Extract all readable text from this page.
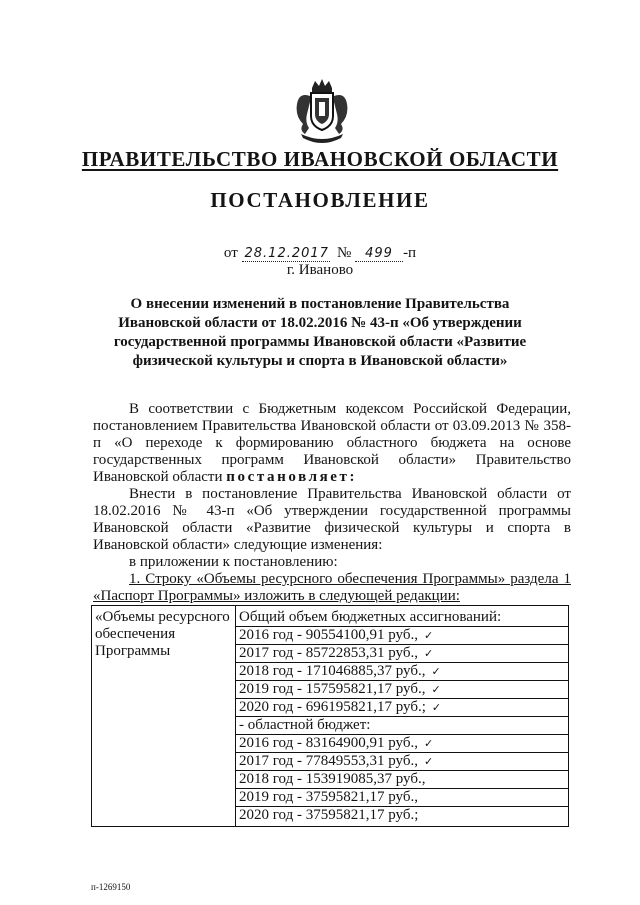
ПРАВИТЕЛЬСТВО ИВАНОВСКОЙ ОБЛАСТИ
ПОСТАНОВЛЕНИЕ
от 28.12.2017 № 499 -п
г. Иваново
О внесении изменений в постановление Правительства
Ивановской области от 18.02.2016 № 43-п «Об утверждении
государственной программы Ивановской области «Развитие
физической культуры и спорта в Ивановской области»

В соответствии с Бюджетным кодексом Российской Федерации, постановлением Правительства Ивановской области от 03.09.2013 № 358-п «О переходе к формированию областного бюджета на основе государственных программ Ивановской области» Правительство Ивановской области постановляет:

Внести в постановление Правительства Ивановской области от 18.02.2016 № 43-п «Об утверждении государственной программы Ивановской области «Развитие физической культуры и спорта в Ивановской области» следующие изменения:

в приложении к постановлению:

1. Строку «Объемы ресурсного обеспечения Программы» раздела 1 «Паспорт Программы» изложить в следующей редакции:

«Объемы ресурсного обеспечения Программы	
Общий объем бюджетных ассигнований:
2016 год - 90554100,91 руб., ✓
2017 год - 85722853,31 руб., ✓
2018 год - 171046885,37 руб., ✓
2019 год - 157595821,17 руб., ✓
2020 год - 696195821,17 руб.; ✓
- областной бюджет:
2016 год - 83164900,91 руб., ✓
2017 год - 77849553,31 руб., ✓
2018 год - 153919085,37 руб.,
2019 год - 37595821,17 руб.,
2020 год - 37595821,17 руб.;
п-1269150
